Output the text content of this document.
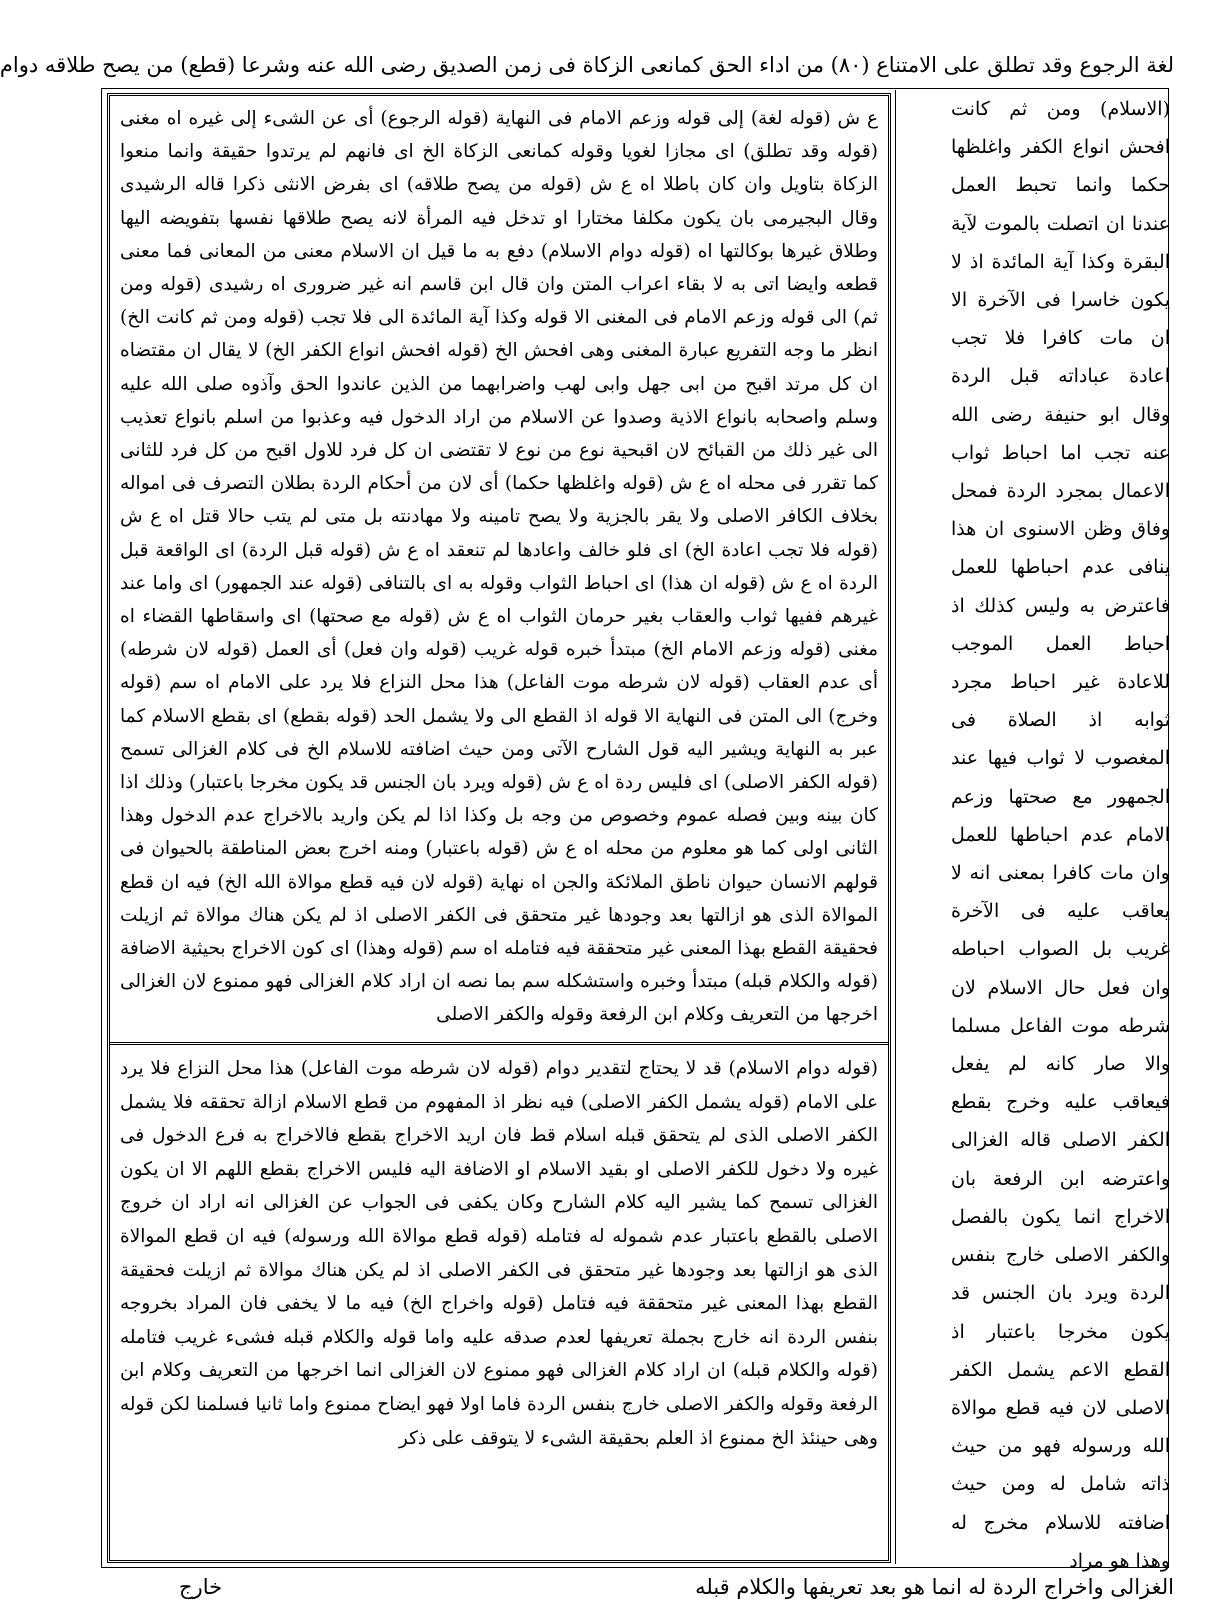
لغة الرجوع وقد تطلق على الامتناع (٨٠) من اداء الحق كمانعى الزكاة فى زمن الصديق رضى الله عنه وشرعا (قطع) من يصح طلاقه دوام
(الاسلام) ومن ثم كانت افحش انواع الكفر واغلظها حكما وانما تحبط العمل عندنا ان اتصلت بالموت لآية البقرة وكذا آية المائدة اذ لا يكون خاسرا فى الآخرة الا ان مات كافرا فلا تجب اعادة عباداته قبل الردة وقال ابو حنيفة رضى الله عنه تجب اما احباط ثواب الاعمال بمجرد الردة فمحل وفاق وظن الاسنوى ان هذا ينافى عدم احباطها للعمل فاعترض به وليس كذلك اذ احباط العمل الموجب للاعادة غير احباط مجرد ثوابه اذ الصلاة فى المغصوب لا ثواب فيها عند الجمهور مع صحتها وزعم الامام عدم احباطها للعمل وان مات كافرا بمعنى انه لا يعاقب عليه فى الآخرة غريب بل الصواب احباطه وان فعل حال الاسلام لان شرطه موت الفاعل مسلما والا صار كانه لم يفعل فيعاقب عليه وخرج بقطع الكفر الاصلى قاله الغزالى واعترضه ابن الرفعة بان الاخراج انما يكون بالفصل والكفر الاصلى خارج بنفس الردة ويرد بان الجنس قد يكون مخرجا باعتبار اذ القطع الاعم يشمل الكفر الاصلى لان فيه قطع موالاة الله ورسوله فهو من حيث ذاته شامل له ومن حيث اضافته للاسلام مخرج له وهذا هو مراد
ع ش (قوله لغة) إلى قوله وزعم الامام فى النهاية (قوله الرجوع) أى عن الشىء إلى غيره اه مغنى (قوله وقد تطلق) اى مجازا لغويا وقوله كمانعى الزكاة الخ اى فانهم لم يرتدوا حقيقة وانما منعوا الزكاة بتاويل وان كان باطلا اه ع ش (قوله من يصح طلاقه) اى بفرض الانثى ذكرا قاله الرشيدى وقال البجيرمى بان يكون مكلفا مختارا او تدخل فيه المرأة لانه يصح طلاقها نفسها بتفويضه اليها وطلاق غيرها بوكالتها اه (قوله دوام الاسلام) دفع به ما قيل ان الاسلام معنى من المعانى فما معنى قطعه وايضا اتى به لا بقاء اعراب المتن وان قال ابن قاسم انه غير ضرورى اه رشيدى (قوله ومن ثم) الى قوله وزعم الامام فى المغنى الا قوله وكذا آية المائدة الى فلا تجب (قوله ومن ثم كانت الخ) انظر ما وجه التفريع عبارة المغنى وهى افحش الخ (قوله افحش انواع الكفر الخ) لا يقال ان مقتضاه ان كل مرتد اقبح من ابى جهل وابى لهب واضرابهما من الذين عاندوا الحق وآذوه صلى الله عليه وسلم واصحابه بانواع الاذية وصدوا عن الاسلام من اراد الدخول فيه وعذبوا من اسلم بانواع تعذيب الى غير ذلك من القبائح لان اقبحية نوع من نوع لا تقتضى ان كل فرد للاول اقبح من كل فرد للثانى كما تقرر فى محله اه ع ش (قوله واغلظها حكما) أى لان من أحكام الردة بطلان التصرف فى امواله بخلاف الكافر الاصلى ولا يقر بالجزية ولا يصح تامينه ولا مهادنته بل متى لم يتب حالا قتل اه ع ش (قوله فلا تجب اعادة الخ) اى فلو خالف واعادها لم تنعقد اه ع ش (قوله قبل الردة) اى الواقعة قبل الردة اه ع ش (قوله ان هذا) اى احباط الثواب وقوله به اى بالتنافى (قوله عند الجمهور) اى واما عند غيرهم ففيها ثواب والعقاب بغير حرمان الثواب اه ع ش (قوله مع صحتها) اى واسقاطها القضاء اه مغنى (قوله وزعم الامام الخ) مبتدأ خبره قوله غريب (قوله وان فعل) أى العمل (قوله لان شرطه) أى عدم العقاب (قوله لان شرطه موت الفاعل) هذا محل النزاع فلا يرد على الامام اه سم (قوله وخرج) الى المتن فى النهاية الا قوله اذ القطع الى ولا يشمل الحد (قوله بقطع) اى بقطع الاسلام كما عبر به النهاية ويشير اليه قول الشارح الآتى ومن حيث اضافته للاسلام الخ فى كلام الغزالى تسمح (قوله الكفر الاصلى) اى فليس ردة اه ع ش (قوله ويرد بان الجنس قد يكون مخرجا باعتبار) وذلك اذا كان بينه وبين فصله عموم وخصوص من وجه بل وكذا اذا لم يكن واريد بالاخراج عدم الدخول وهذا الثانى اولى كما هو معلوم من محله اه ع ش (قوله باعتبار) ومنه اخرج بعض المناطقة بالحيوان فى قولهم الانسان حيوان ناطق الملائكة والجن اه نهاية (قوله لان فيه قطع موالاة الله الخ) فيه ان قطع الموالاة الذى هو ازالتها بعد وجودها غير متحقق فى الكفر الاصلى اذ لم يكن هناك موالاة ثم ازيلت فحقيقة القطع بهذا المعنى غير متحققة فيه فتامله اه سم (قوله وهذا) اى كون الاخراج بحيثية الاضافة (قوله والكلام قبله) مبتدأ وخبره واستشكله سم بما نصه ان اراد كلام الغزالى فهو ممنوع لان الغزالى اخرجها من التعريف وكلام ابن الرفعة وقوله والكفر الاصلى
(قوله دوام الاسلام) قد لا يحتاج لتقدير دوام (قوله لان شرطه موت الفاعل) هذا محل النزاع فلا يرد على الامام (قوله يشمل الكفر الاصلى) فيه نظر اذ المفهوم من قطع الاسلام ازالة تحققه فلا يشمل الكفر الاصلى الذى لم يتحقق قبله اسلام قط فان اريد الاخراج بقطع فالاخراج به فرع الدخول فى غيره ولا دخول للكفر الاصلى او بقيد الاسلام او الاضافة اليه فليس الاخراج بقطع اللهم الا ان يكون الغزالى تسمح كما يشير اليه كلام الشارح وكان يكفى فى الجواب عن الغزالى انه اراد ان خروج الاصلى بالقطع باعتبار عدم شموله له فتامله (قوله قطع موالاة الله ورسوله) فيه ان قطع الموالاة الذى هو ازالتها بعد وجودها غير متحقق فى الكفر الاصلى اذ لم يكن هناك موالاة ثم ازيلت فحقيقة القطع بهذا المعنى غير متحققة فيه فتامل (قوله واخراج الخ) فيه ما لا يخفى فان المراد بخروجه بنفس الردة انه خارج بجملة تعريفها لعدم صدقه عليه واما قوله والكلام قبله فشىء غريب فتامله (قوله والكلام قبله) ان اراد كلام الغزالى فهو ممنوع لان الغزالى انما اخرجها من التعريف وكلام ابن الرفعة وقوله والكفر الاصلى خارج بنفس الردة فاما اولا فهو ايضاح ممنوع واما ثانيا فسلمنا لكن قوله وهى حينئذ الخ ممنوع اذ العلم بحقيقة الشىء لا يتوقف على ذكر
خارج	الغزالى واخراج الردة له انما هو بعد تعريفها والكلام قبله
